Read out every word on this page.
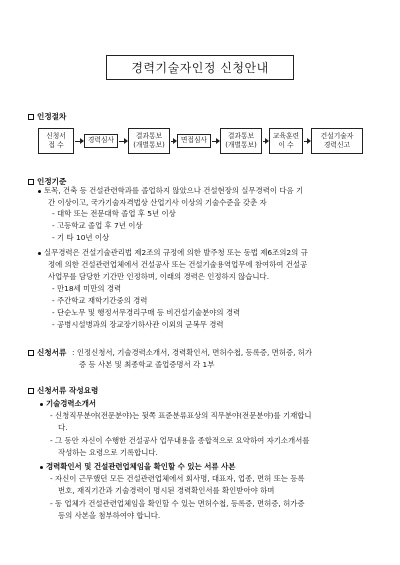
경력기술자인정 신청안내
인정절차
신청서
접 수
경력심사
결과통보
(개별통보)
면접심사
결과통보
(개별통보)
교육훈련
이 수
건설기술자
경력신고
인정기준
토목, 건축 등 건설관련학과를 졸업하지 않았으나 건설현장의 실무경력이 다음 기
간 이상이고, 국가기술자격법상 산업기사 이상의 기술수준을 갖춘 자
- 대학 또는 전문대학 졸업 후 5년 이상
- 고등학교 졸업 후 7년 이상
- 기 타 10년 이상
실무경력은 건설기술관리법 제2조의 규정에 의한 발주청 또는 동법 제6조의2의 규
정에 의한 건설관련업체에서 건설공사 또는 건설기술용역업무에 참여하여 건설공
사업무를 담당한 기간만 인정하며, 이래의 경력은 인정하지 않습니다.
- 만18세 미만의 경력
- 주간학교 재학기간중의 경력
- 단순노무 및 행정서무경리구매 등 비건설기술분야의 경력
- 공병시설병과의 장교장기하사관 이외의 군복무 경력
신청서류 : 인정신청서, 기술경력소개서, 경력확인서, 면허수첩, 등록증, 면허증, 허가
증 등 사본 및 최종학교 졸업증명서 각 1부
신청서류 작성요령
기술경력소개서
- 신청직무분야(전문분야)는 뒷쪽 표준분류표상의 직무분야(전문분야)를 기재합니
다.
- 그 동안 자신이 수행한 건설공사 업무내용을 종합적으로 요약하여 자기소개서를
작성하는 요령으로 기록합니다.
경력확인서 및 건설관련업체임을 확인할 수 있는 서류 사본
- 자신이 근무했던 모든 건설관련업체에서 회사명, 대표자, 업종, 면허 또는 등록
번호, 재직기간과 기술경력이 명시된 경력확인서를 확인받아야 하며
- 동 업체가 건설관련업체임을 확인할 수 있는 면허수첩, 등록증, 면허증, 허가증
등의 사본을 첨부하여야 합니다.
